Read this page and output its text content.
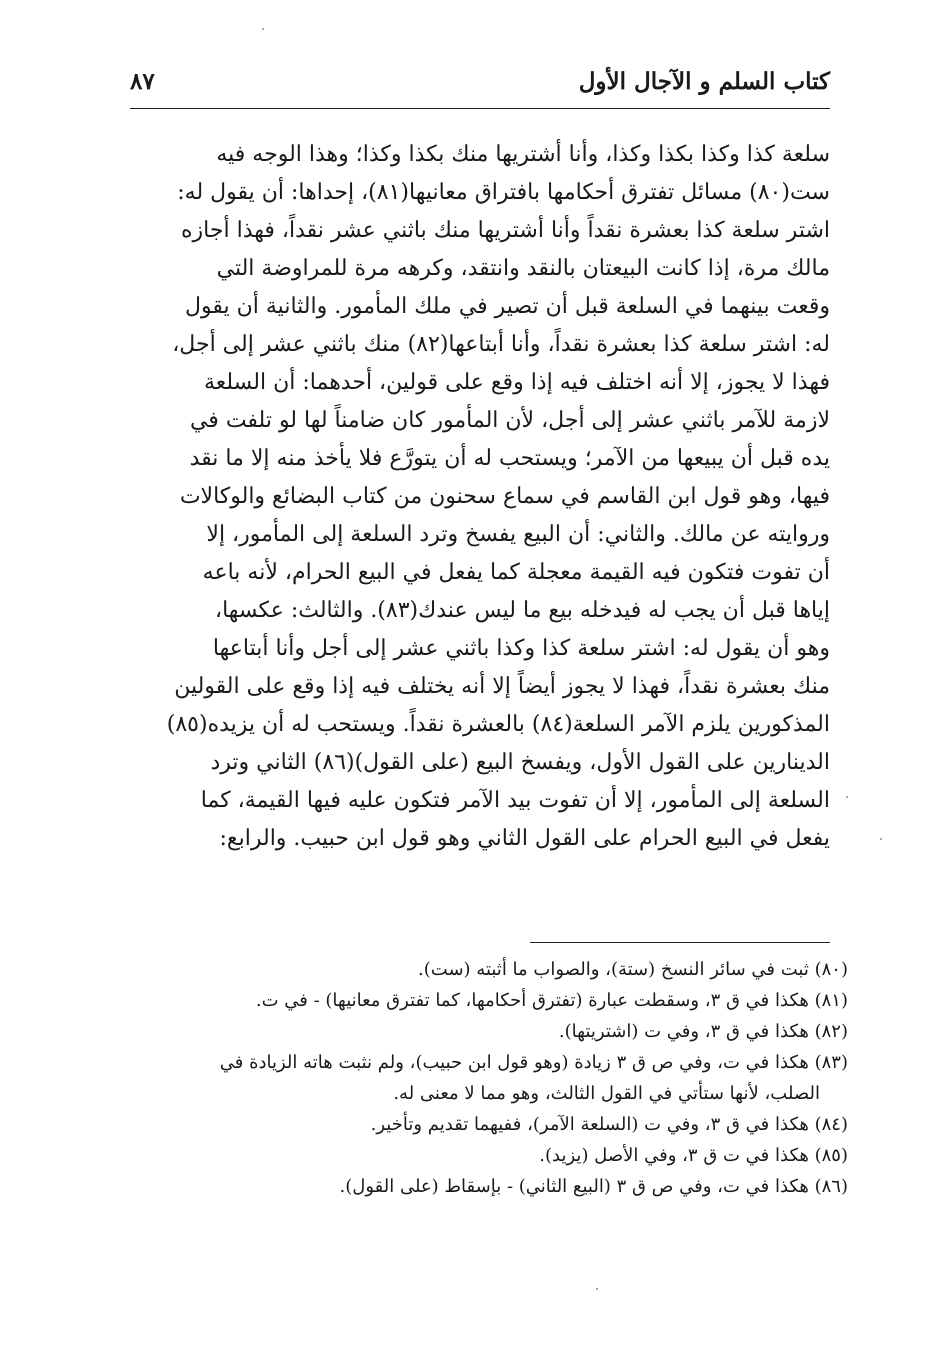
كتاب السلم و الآجال الأول
٨٧
سلعة كذا وكذا بكذا وكذا، وأنا أشتريها منك بكذا وكذا؛ وهذا الوجه فيه
ست(٨٠) مسائل تفترق أحكامها بافتراق معانيها(٨١)، إحداها: أن يقول له:
اشتر سلعة كذا بعشرة نقداً وأنا أشتريها منك باثني عشر نقداً، فهذا أجازه
مالك مرة، إذا كانت البيعتان بالنقد وانتقد، وكرهه مرة للمراوضة التي
وقعت بينهما في السلعة قبل أن تصير في ملك المأمور. والثانية أن يقول
له: اشتر سلعة كذا بعشرة نقداً، وأنا أبتاعها(٨٢) منك باثني عشر إلى أجل،
فهذا لا يجوز، إلا أنه اختلف فيه إذا وقع على قولين، أحدهما: أن السلعة
لازمة للآمر باثني عشر إلى أجل، لأن المأمور كان ضامناً لها لو تلفت في
يده قبل أن يبيعها من الآمر؛ ويستحب له أن يتورَّع فلا يأخذ منه إلا ما نقد
فيها، وهو قول ابن القاسم في سماع سحنون من كتاب البضائع والوكالات
وروايته عن مالك. والثاني: أن البيع يفسخ وترد السلعة إلى المأمور، إلا
أن تفوت فتكون فيه القيمة معجلة كما يفعل في البيع الحرام، لأنه باعه
إياها قبل أن يجب له فيدخله بيع ما ليس عندك(٨٣). والثالث: عكسها،
وهو أن يقول له: اشتر سلعة كذا وكذا باثني عشر إلى أجل وأنا أبتاعها
منك بعشرة نقداً، فهذا لا يجوز أيضاً إلا أنه يختلف فيه إذا وقع على القولين
المذكورين يلزم الآمر السلعة(٨٤) بالعشرة نقداً. ويستحب له أن يزيده(٨٥)
الدينارين على القول الأول، ويفسخ البيع (على القول)(٨٦) الثاني وترد
السلعة إلى المأمور، إلا أن تفوت بيد الآمر فتكون عليه فيها القيمة، كما
يفعل في البيع الحرام على القول الثاني وهو قول ابن حبيب. والرابع:
(٨٠) ثبت في سائر النسخ (ستة)، والصواب ما أثبته (ست).
(٨١) هكذا في ق ٣، وسقطت عبارة (تفترق أحكامها، كما تفترق معانيها) - في ت.
(٨٢) هكذا في ق ٣، وفي ت (اشتريتها).
(٨٣) هكذا في ت، وفي ص ق ٣ زيادة (وهو قول ابن حبيب)، ولم نثبت هاته الزيادة في
الصلب، لأنها ستأتي في القول الثالث، وهو مما لا معنى له.
(٨٤) هكذا في ق ٣، وفي ت (السلعة الآمر)، ففيهما تقديم وتأخير.
(٨٥) هكذا في ت ق ٣، وفي الأصل (يزيد).
(٨٦) هكذا في ت، وفي ص ق ٣ (البيع الثاني) - بإسقاط (على القول).
